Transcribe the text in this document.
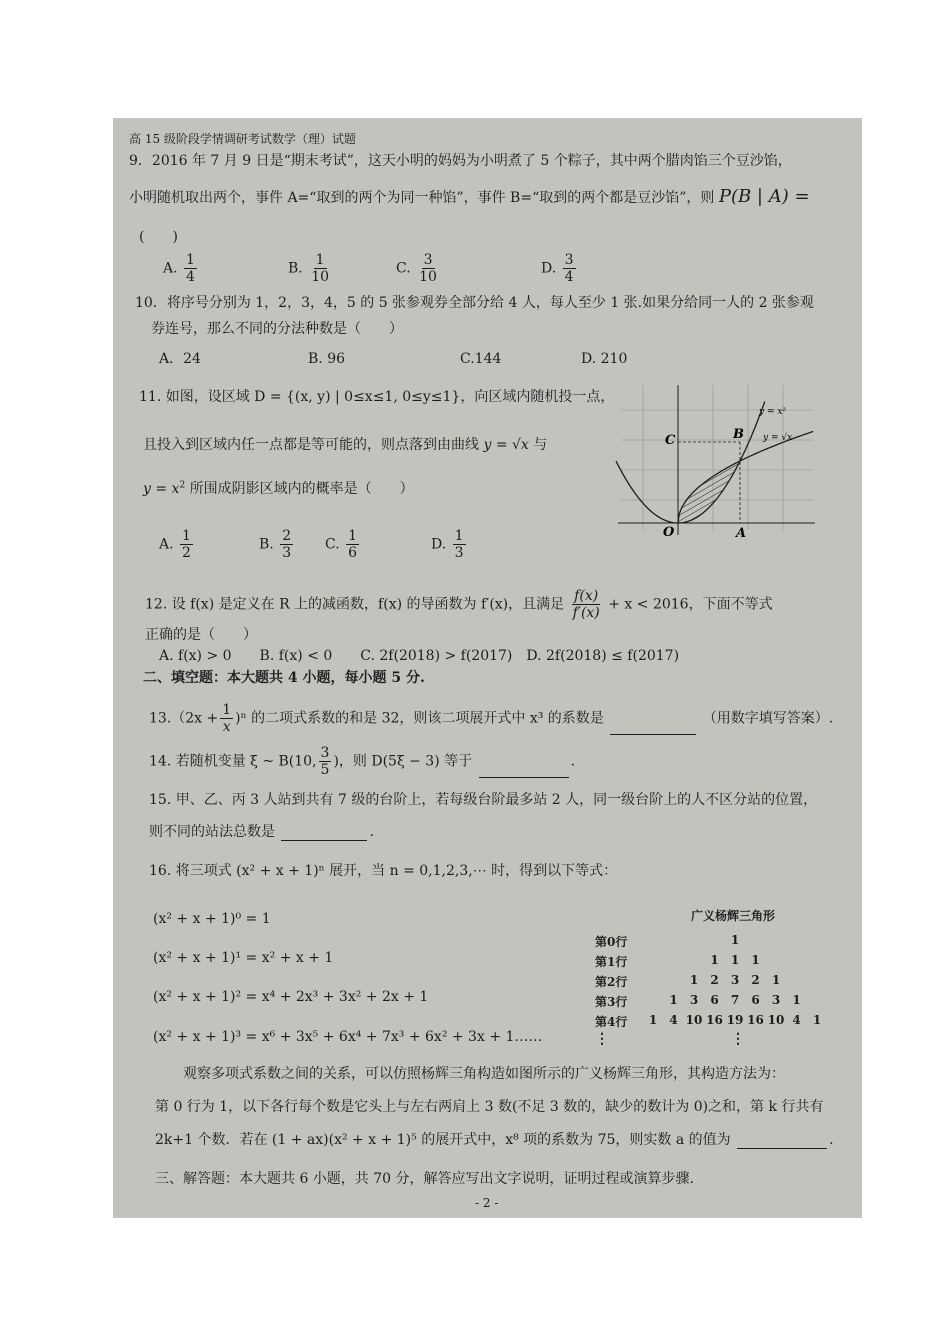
高 15 级阶段学情调研考试数学（理）试题
9．2016 年 7 月 9 日是“期末考试”，这天小明的妈妈为小明煮了 5 个粽子，其中两个腊肉馅三个豆沙馅，
小明随机取出两个，事件 A=“取到的两个为同一种馅”，事件 B=“取到的两个都是豆沙馅”，则 P(B | A) =
(　　)
A. $\frac{1}{4}$	B. $\frac{1}{10}$	C. $\frac{3}{10}$	D. $\frac{3}{4}$
10．将序号分别为 1，2，3，4，5 的 5 张参观券全部分给 4 人，每人至少 1 张.如果分给同一人的 2 张参观
券连号，那么不同的分法种数是（　　）
A．24	B. 96	C.144	D. 210
11. 如图，设区域 D = {(x, y) | 0≤x≤1, 0≤y≤1}，向区域内随机投一点，
且投入到区域内任一点都是等可能的，则点落到由曲线 y = √x 与
$y = x^2$ 所围成阴影区域内的概率是（　　）
A. $\frac{1}{2}$	B. $\frac{2}{3} C$. $\frac{1}{6}$	D. $\frac{1}{3}$
C	B
O	A
y = x²
y = √x
12. 设 f(x) 是定义在 R 上的减函数，f(x) 的导函数为 f′(x)，且满足 $\frac{f(x)}{f'(x)} + x < 2016$，下面不等式
正确的是（　　）
A. f(x) > 0　　B. f(x) < 0　　C. 2f(2018) > f(2017)　D. 2f(2018) ≤ f(2017)
二、填空题：本大题共 4 小题，每小题 5 分.
$13.(2x + \frac{1}{x} )^n$ 的二项式系数的和是 32，则该二项展开式中 x³ 的系数是	（用数字填写答案）.
14. 若随机变量 ξ ~ B(10, $\frac{3}{5}$ )，则 D(5ξ − 3) 等于	.
15. 甲、乙、丙 3 人站到共有 7 级的台阶上，若每级台阶最多站 2 人，同一级台阶上的人不区分站的位置，
则不同的站法总数是	.
16. 将三项式 (x² + x + 1)ⁿ 展开，当 n = 0,1,2,3,⋯ 时，得到以下等式：
(x² + x + 1)⁰ = 1
(x² + x + 1)¹ = x² + x + 1
(x² + x + 1)² = x⁴ + 2x³ + 3x² + 2x + 1
(x² + x + 1)³ = x⁶ + 3x⁵ + 6x⁴ + 7x³ + 6x² + 3x + 1……
广义杨辉三角形
⋮	⋮
观察多项式系数之间的关系，可以仿照杨辉三角构造如图所示的广义杨辉三角形，其构造方法为：
第 0 行为 1，以下各行每个数是它头上与左右两肩上 3 数(不足 3 数的，缺少的数计为 0)之和，第 k 行共有
2k+1 个数．若在 (1 + ax)(x² + x + 1)⁵ 的展开式中，x⁸ 项的系数为 75，则实数 a 的值为	.
三、解答题：本大题共 6 小题，共 70 分，解答应写出文字说明，证明过程或演算步骤.
- 2 -
第0行	1
第1行	1	1	1
第2行	1	2	3	2	1
第3行	1	3	6	7	6	3	1
第4行	1	4 10 16 19 16 10 4	1
